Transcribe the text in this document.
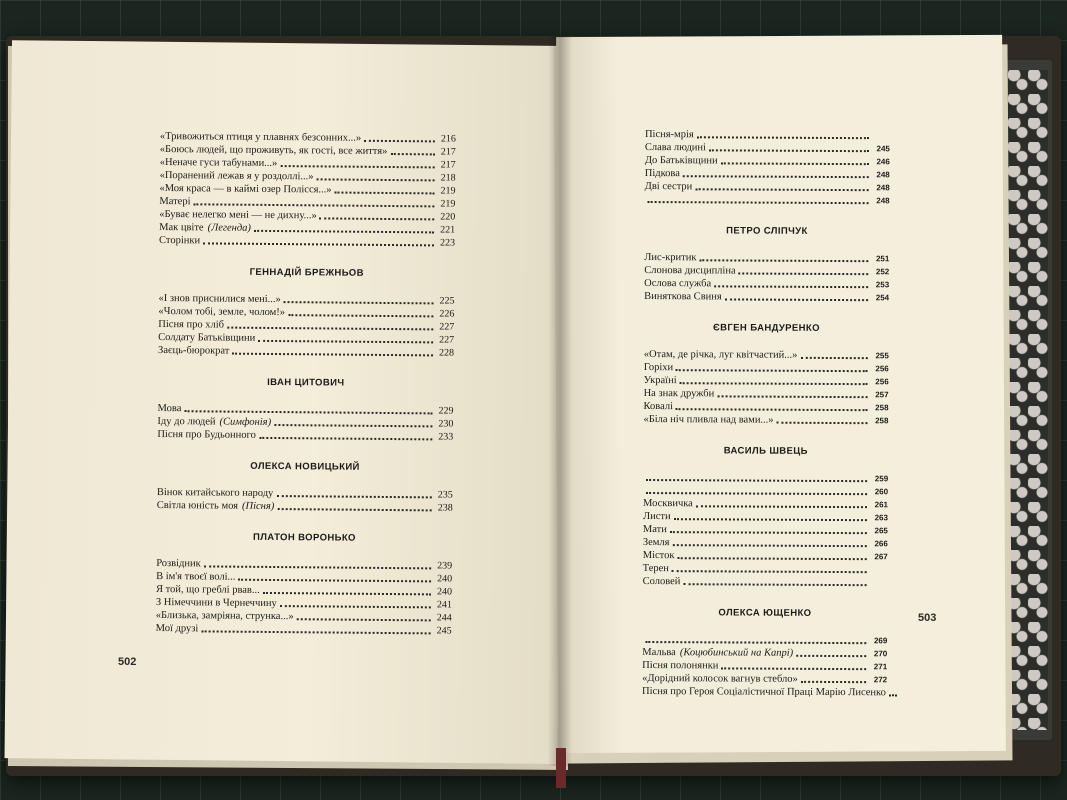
«Тривожиться птиця у плавнях безсонних...»	216
«Боюсь людей, що проживуть, як гості, все життя»	217
«Неначе гуси табунами...»	217
«Поранений лежав я у роздоллі...»	218
«Моя краса — в каймі озер Полісся...»	219
Матері	219
«Буває нелегко мені — не дихну...»	220
Мак цвіте (Легенда)	221
Сторінки	223
ГЕННАДІЙ БРЕЖНЬОВ
«І знов приснилися мені...»	225
«Чолом тобі, земле, чолом!»	226
Пісня про хліб	227
Солдату Батьківщини	227
Заєць-бюрократ	228
ІВАН ЦИТОВИЧ
Мова	229
Іду до людей (Симфонія)	230
Пісня про Будьонного	233
ОЛЕКСА НОВИЦЬКИЙ
Вінок китайського народу	235
Світла юність моя (Пісня)	238
ПЛАТОН ВОРОНЬКО
Розвідник	239
В ім'я твоєї волі...	240
Я той, що греблі рвав...	240
З Німеччини в Чернеччину	241
«Близька, замріяна, струнка...»	244
Мої друзі	245
Пісня-мрія
Слава людині	245
До Батьківщини	246
Підкова	248
Дві сестри	248
248
ПЕТРО СЛІПЧУК
Лис-критик	251
Слонова дисципліна	252
Ослова служба	253
Виняткова Свиня	254
ЄВГЕН БАНДУРЕНКО
«Отам, де річка, луг квітчастий...»	255
Горіхи	256
Україні	256
На знак дружби	257
Ковалі	258
«Біла ніч пливла над вами...»	258
ВАСИЛЬ ШВЕЦЬ
259
260
Москвичка	261
Листи	263
Мати	265
Земля	266
Місток	267
Терен
Соловей
ОЛЕКСА ЮЩЕНКО
269
Мальва (Коцюбинський на Капрі)	270
Пісня полонянки	271
«Дорідний колосок вагнув стебло»	272
Пісня про Героя Соціалістичної Праці Марію Лисенко
502
503
